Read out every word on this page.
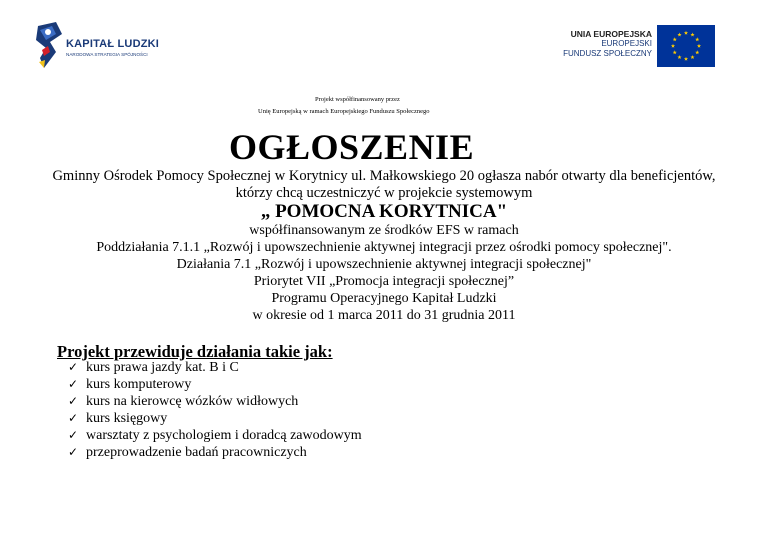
KAPITAŁ LUDZKI
NARODOWA STRATEGIA SPÓJNOŚCI
UNIA EUROPEJSKA
EUROPEJSKI
FUNDUSZ SPOŁECZNY
Projekt współfinansowany przez
Unię Europejską w ramach Europejskiego Funduszu Społecznego
OGŁOSZENIE
Gminny Ośrodek Pomocy Społecznej w Korytnicy ul. Małkowskiego 20 ogłasza nabór otwarty dla beneficjentów,
którzy chcą uczestniczyć w projekcie systemowym
„ POMOCNA KORYTNICA"
współfinansowanym ze środków EFS w ramach
Poddziałania 7.1.1 „Rozwój i upowszechnienie aktywnej integracji przez ośrodki pomocy społecznej".
Działania 7.1 „Rozwój i upowszechnienie aktywnej integracji społecznej"
Priorytet VII „Promocja integracji społecznej”
Programu Operacyjnego Kapitał Ludzki
w okresie od 1 marca 2011 do 31 grudnia 2011
Projekt przewiduje działania takie jak:
✓ kurs prawa jazdy kat. B i C
✓ kurs komputerowy
✓ kurs na kierowcę wózków widłowych
✓ kurs księgowy
✓ warsztaty z psychologiem i doradcą zawodowym
✓ przeprowadzenie badań pracowniczych
